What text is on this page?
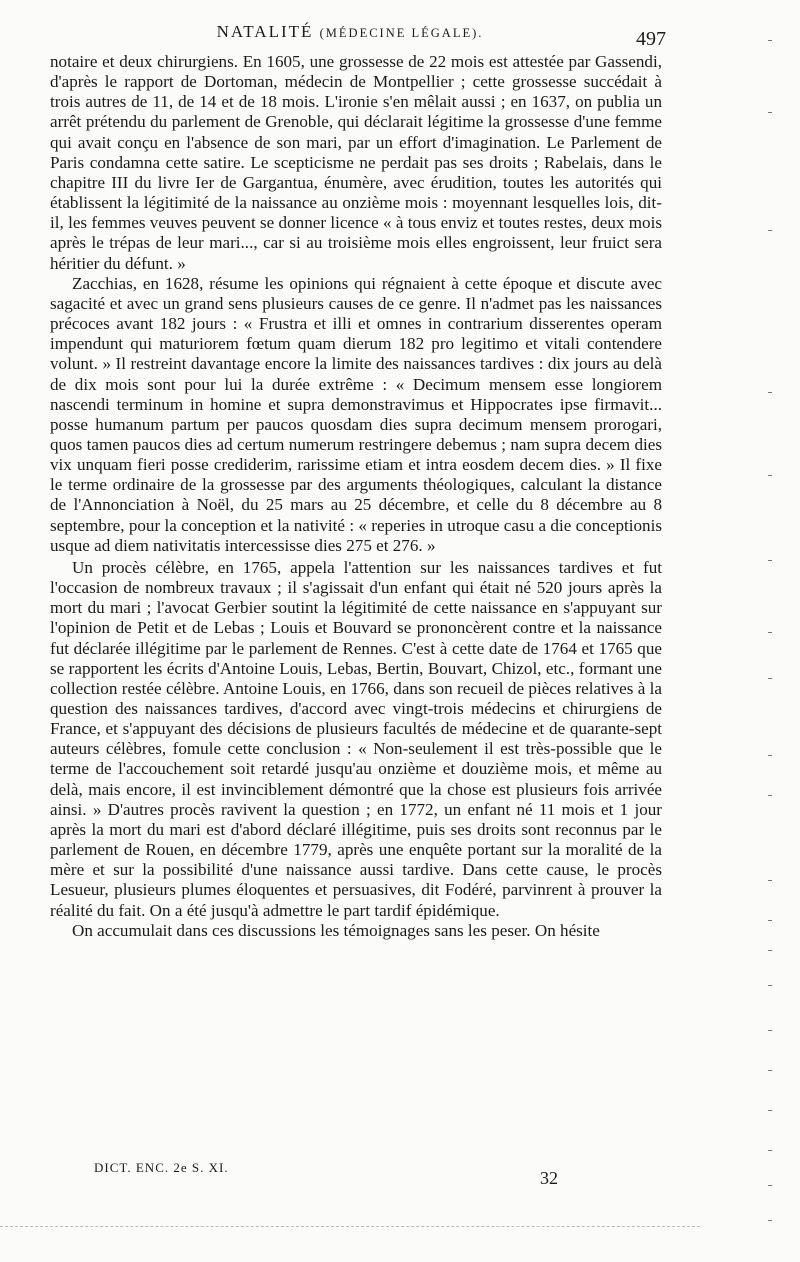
NATALITÉ (MÉDECINE LÉGALE).	497

notaire et deux chirurgiens. En 1605, une grossesse de 22 mois est attestée par Gassendi, d'après le rapport de Dortoman, médecin de Montpellier ; cette grossesse succédait à trois autres de 11, de 14 et de 18 mois. L'ironie s'en mêlait aussi ; en 1637, on publia un arrêt prétendu du parlement de Grenoble, qui déclarait légitime la grossesse d'une femme qui avait conçu en l'absence de son mari, par un effort d'imagination. Le Parlement de Paris condamna cette satire. Le scepticisme ne perdait pas ses droits ; Rabelais, dans le chapitre III du livre Ier de Gargantua, énumère, avec érudition, toutes les autorités qui établissent la légitimité de la naissance au onzième mois : moyennant lesquelles lois, dit-il, les femmes veuves peuvent se donner licence « à tous enviz et toutes restes, deux mois après le trépas de leur mari..., car si au troisième mois elles engroissent, leur fruict sera héritier du défunt. »

Zacchias, en 1628, résume les opinions qui régnaient à cette époque et discute avec sagacité et avec un grand sens plusieurs causes de ce genre. Il n'admet pas les naissances précoces avant 182 jours : « Frustra et illi et omnes in contrarium disserentes operam impendunt qui maturiorem fœtum quam dierum 182 pro legitimo et vitali contendere volunt. » Il restreint davantage encore la limite des naissances tardives : dix jours au delà de dix mois sont pour lui la durée extrême : « Decimum mensem esse longiorem nascendi terminum in homine et supra demonstravimus et Hippocrates ipse firmavit... posse humanum partum per paucos quosdam dies supra decimum mensem prorogari, quos tamen paucos dies ad certum numerum restringere debemus ; nam supra decem dies vix unquam fieri posse crediderim, rarissime etiam et intra eosdem decem dies. » Il fixe le terme ordinaire de la grossesse par des arguments théologiques, calculant la distance de l'Annonciation à Noël, du 25 mars au 25 décembre, et celle du 8 décembre au 8 septembre, pour la conception et la nativité : « reperies in utroque casu a die conceptionis usque ad diem nativitatis intercessisse dies 275 et 276. »

Un procès célèbre, en 1765, appela l'attention sur les naissances tardives et fut l'occasion de nombreux travaux ; il s'agissait d'un enfant qui était né 520 jours après la mort du mari ; l'avocat Gerbier soutint la légitimité de cette naissance en s'appuyant sur l'opinion de Petit et de Lebas ; Louis et Bouvard se prononcèrent contre et la naissance fut déclarée illégitime par le parlement de Rennes. C'est à cette date de 1764 et 1765 que se rapportent les écrits d'Antoine Louis, Lebas, Bertin, Bouvart, Chizol, etc., formant une collection restée célèbre. Antoine Louis, en 1766, dans son recueil de pièces relatives à la question des naissances tardives, d'accord avec vingt-trois médecins et chirurgiens de France, et s'appuyant des décisions de plusieurs facultés de médecine et de quarante-sept auteurs célèbres, fomule cette conclusion : « Non-seulement il est très-possible que le terme de l'accouchement soit retardé jusqu'au onzième et douzième mois, et même au delà, mais encore, il est invinciblement démontré que la chose est plusieurs fois arrivée ainsi. » D'autres procès ravivent la question ; en 1772, un enfant né 11 mois et 1 jour après la mort du mari est d'abord déclaré illégitime, puis ses droits sont reconnus par le parlement de Rouen, en décembre 1779, après une enquête portant sur la moralité de la mère et sur la possibilité d'une naissance aussi tardive. Dans cette cause, le procès Lesueur, plusieurs plumes éloquentes et persuasives, dit Fodéré, parvinrent à prouver la réalité du fait. On a été jusqu'à admettre le part tardif épidémique.

On accumulait dans ces discussions les témoignages sans les peser. On hésite

DICT. ENC. 2e S. XI.
32
